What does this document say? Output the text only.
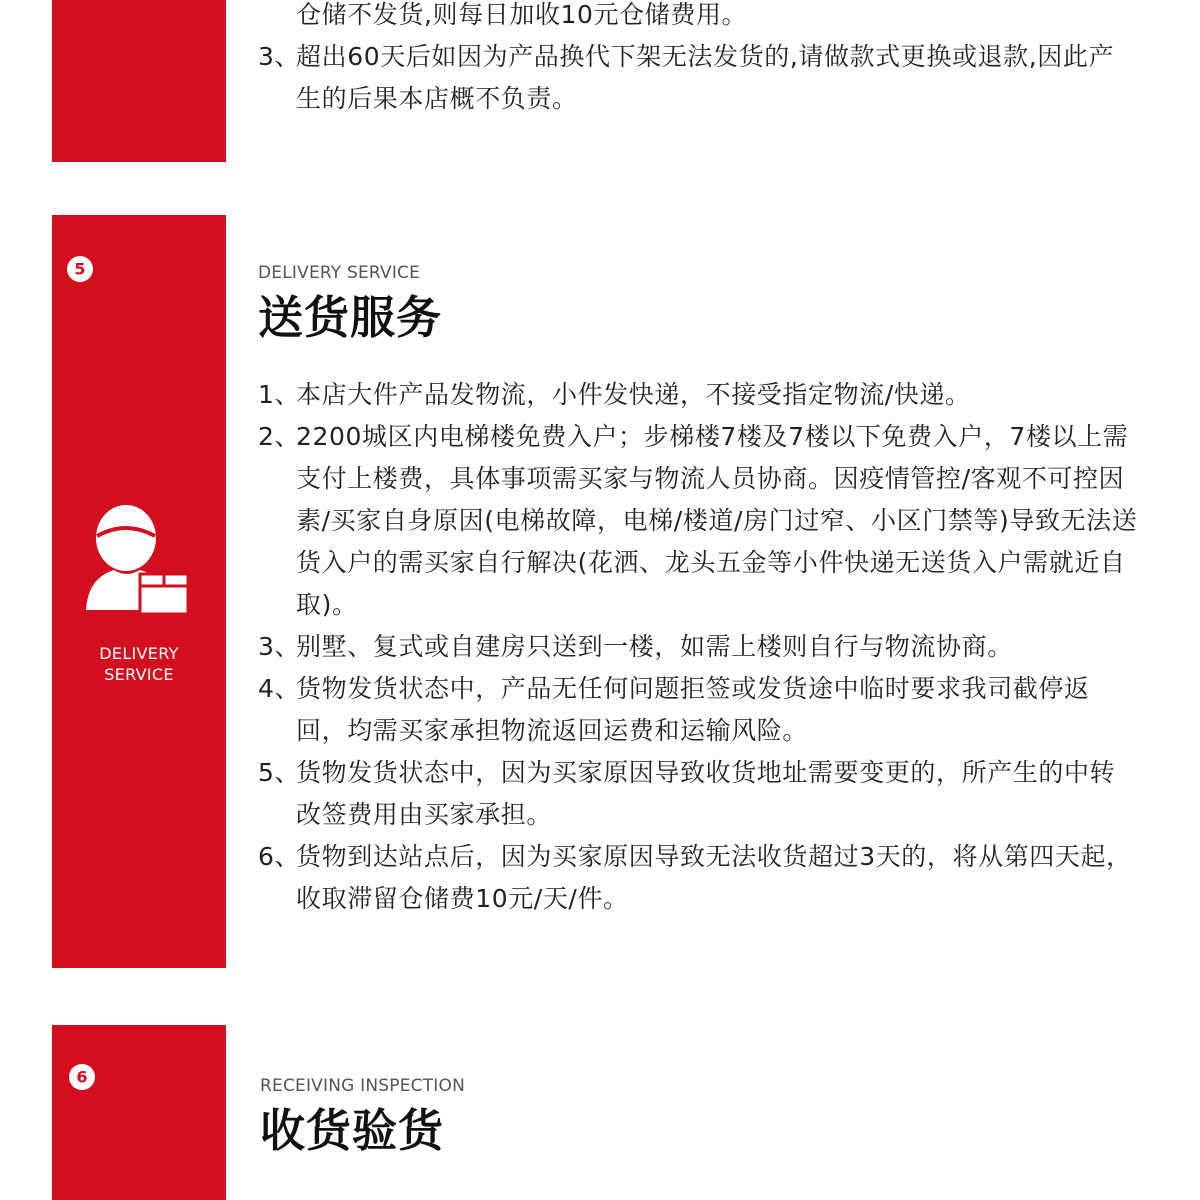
仓储不发货,则每日加收10元仓储费用。
3、
超出60天后如因为产品换代下架无法发货的,请做款式更换或退款,因此产生的后果本店概不负责。
5
DELIVERY
SERVICE
DELIVERY SERVICE
送货服务
1、
本店大件产品发物流，小件发快递，不接受指定物流/快递。
2、
2200城区内电梯楼免费入户；步梯楼7楼及7楼以下免费入户，7楼以上需支付上楼费，具体事项需买家与物流人员协商。因疫情管控/客观不可控因素/买家自身原因(电梯故障，电梯/楼道/房门过窄、小区门禁等)导致无法送货入户的需买家自行解决(花洒、龙头五金等小件快递无送货入户需就近自取)。
3、
别墅、复式或自建房只送到一楼，如需上楼则自行与物流协商。
4、
货物发货状态中，产品无任何问题拒签或发货途中临时要求我司截停返回，均需买家承担物流返回运费和运输风险。
5、
货物发货状态中，因为买家原因导致收货地址需要变更的，所产生的中转改签费用由买家承担。
6、
货物到达站点后，因为买家原因导致无法收货超过3天的，将从第四天起，收取滞留仓储费10元/天/件。
6	RECEIVING INSPECTION
收货验货
